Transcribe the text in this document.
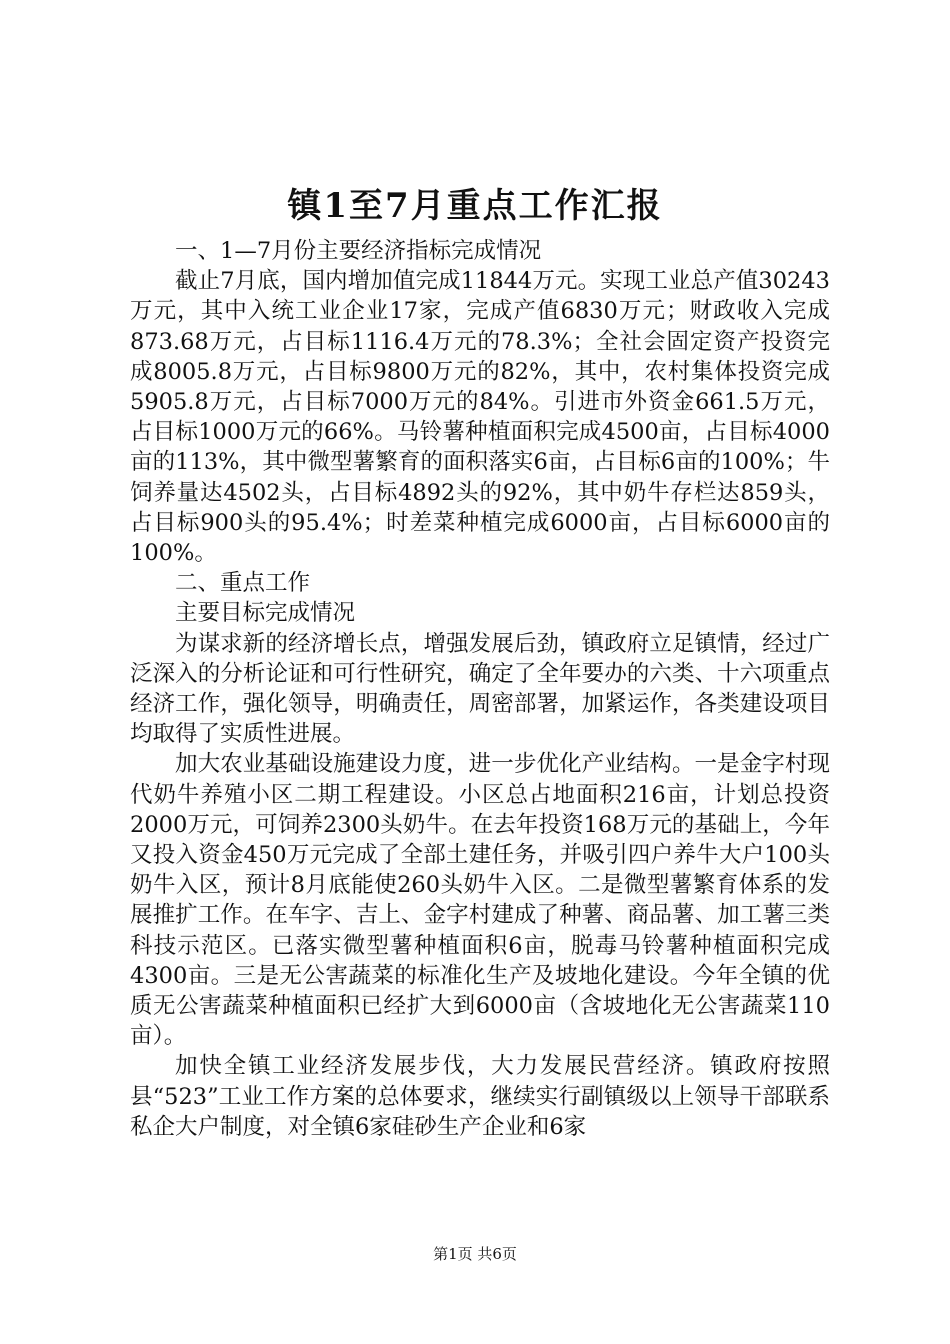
镇1至7月重点工作汇报

一、1—7月份主要经济指标完成情况

截止7月底，国内增加值完成11844万元。实现工业总产值30243万元，其中入统工业企业17家，完成产值6830万元；财政收入完成873.68万元，占目标1116.4万元的78.3%；全社会固定资产投资完成8005.8万元，占目标9800万元的82%，其中，农村集体投资完成5905.8万元，占目标7000万元的84%。引进市外资金661.5万元，占目标1000万元的66%。马铃薯种植面积完成4500亩，占目标4000亩的113%，其中微型薯繁育的面积落实6亩，占目标6亩的100%；牛饲养量达4502头，占目标4892头的92%，其中奶牛存栏达859头，占目标900头的95.4%；时差菜种植完成6000亩，占目标6000亩的100%。

二、重点工作

主要目标完成情况

为谋求新的经济增长点，增强发展后劲，镇政府立足镇情，经过广泛深入的分析论证和可行性研究，确定了全年要办的六类、十六项重点经济工作，强化领导，明确责任，周密部署，加紧运作，各类建设项目均取得了实质性进展。

加大农业基础设施建设力度，进一步优化产业结构。一是金字村现代奶牛养殖小区二期工程建设。小区总占地面积216亩，计划总投资2000万元，可饲养2300头奶牛。在去年投资168万元的基础上，今年又投入资金450万元完成了全部土建任务，并吸引四户养牛大户100头奶牛入区，预计8月底能使260头奶牛入区。二是微型薯繁育体系的发展推扩工作。在车字、吉上、金字村建成了种薯、商品薯、加工薯三类科技示范区。已落实微型薯种植面积6亩，脱毒马铃薯种植面积完成4300亩。三是无公害蔬菜的标准化生产及坡地化建设。今年全镇的优质无公害蔬菜种植面积已经扩大到6000亩（含坡地化无公害蔬菜110亩）。

加快全镇工业经济发展步伐，大力发展民营经济。镇政府按照县“523”工业工作方案的总体要求，继续实行副镇级以上领导干部联系私企大户制度，对全镇6家硅砂生产企业和6家

第1页 共6页
